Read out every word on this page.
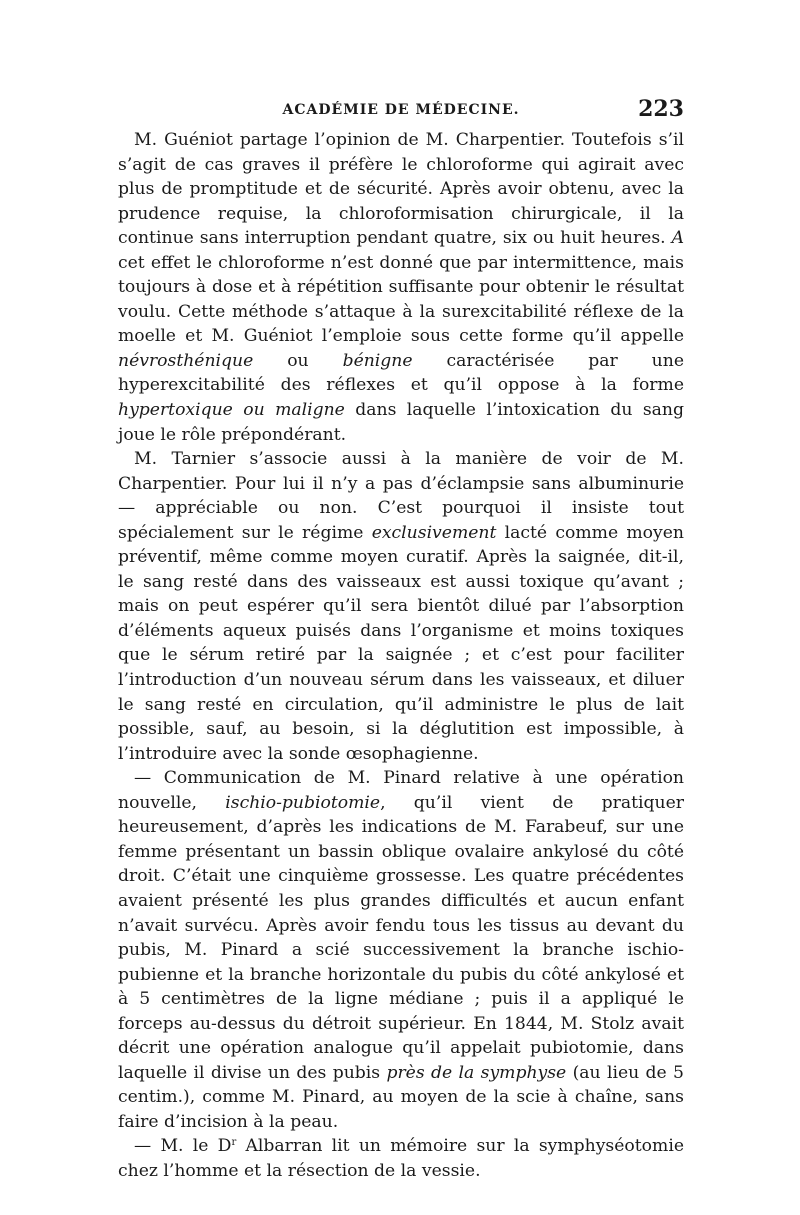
ACADÉMIE DE MÉDECINE.	223

M. Guéniot partage l’opinion de M. Charpentier. Toutefois s’il s’agit de cas graves il préfère le chloroforme qui agirait avec plus de promptitude et de sécurité. Après avoir obtenu, avec la prudence requise, la chloroformisation chirurgicale, il la continue sans interruption pendant quatre, six ou huit heures. A cet effet le chloroforme n’est donné que par intermittence, mais toujours à dose et à répétition suffisante pour obtenir le résultat voulu. Cette méthode s’attaque à la surexcitabilité réflexe de la moelle et M. Guéniot l’emploie sous cette forme qu’il appelle névrosthénique ou bénigne caractérisée par une hyperexcitabilité des réflexes et qu’il oppose à la forme hypertoxique ou maligne dans laquelle l’intoxication du sang joue le rôle prépondérant.

M. Tarnier s’associe aussi à la manière de voir de M. Charpentier. Pour lui il n’y a pas d’éclampsie sans albuminurie — appréciable ou non. C’est pourquoi il insiste tout spécialement sur le régime exclusivement lacté comme moyen préventif, même comme moyen curatif. Après la saignée, dit-il, le sang resté dans des vaisseaux est aussi toxique qu’avant ; mais on peut espérer qu’il sera bientôt dilué par l’absorption d’éléments aqueux puisés dans l’organisme et moins toxiques que le sérum retiré par la saignée ; et c’est pour faciliter l’introduction d’un nouveau sérum dans les vaisseaux, et diluer le sang resté en circulation, qu’il administre le plus de lait possible, sauf, au besoin, si la déglutition est impossible, à l’introduire avec la sonde œsophagienne.

— Communication de M. Pinard relative à une opération nouvelle, ischio-pubiotomie, qu’il vient de pratiquer heureusement, d’après les indications de M. Farabeuf, sur une femme présentant un bassin oblique ovalaire ankylosé du côté droit. C’était une cinquième grossesse. Les quatre précédentes avaient présenté les plus grandes difficultés et aucun enfant n’avait survécu. Après avoir fendu tous les tissus au devant du pubis, M. Pinard a scié successivement la branche ischio-pubienne et la branche horizontale du pubis du côté ankylosé et à 5 centimètres de la ligne médiane ; puis il a appliqué le forceps au-dessus du détroit supérieur. En 1844, M. Stolz avait décrit une opération analogue qu’il appelait pubiotomie, dans laquelle il divise un des pubis près de la symphyse (au lieu de 5 centim.), comme M. Pinard, au moyen de la scie à chaîne, sans faire d’incision à la peau.

— M. le $D^r$ Albarran lit un mémoire sur la symphyséotomie chez l’homme et la résection de la vessie.
